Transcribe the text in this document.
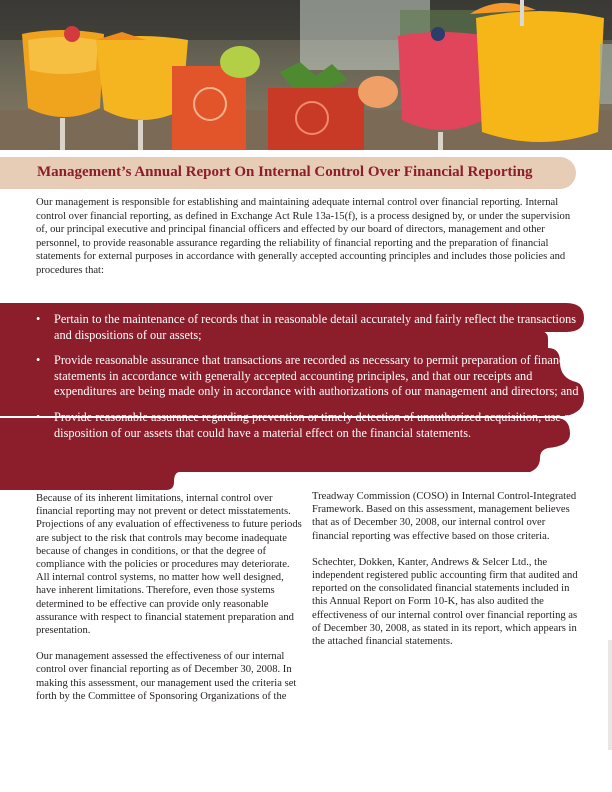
Management’s Annual Report On Internal Control Over Financial Reporting

Our management is responsible for establishing and maintaining adequate internal control over financial reporting. Internal control over financial reporting, as defined in Exchange Act Rule 13a-15(f), is a process designed by, or under the supervision of, our principal executive and principal financial officers and effected by our board of directors, management and other personnel, to provide reasonable assurance regarding the reliability of financial reporting and the preparation of financial statements for external purposes in accordance with generally accepted accounting principles and includes those policies and procedures that:

• Pertain to the maintenance of records that in reasonable detail accurately and fairly reflect the transactions and dispositions of our assets;
• Provide reasonable assurance that transactions are recorded as necessary to permit preparation of financial statements in accordance with generally accepted accounting principles, and that our receipts and expenditures are being made only in accordance with authorizations of our management and directors; and
• Provide reasonable assurance regarding prevention or timely detection of unauthorized acquisition, use or disposition of our assets that could have a material effect on the financial statements.

Because of its inherent limitations, internal control over financial reporting may not prevent or detect misstatements. Projections of any evaluation of effectiveness to future periods are subject to the risk that controls may become inadequate because of changes in conditions, or that the degree of compliance with the policies or procedures may deteriorate. All internal control systems, no matter how well designed, have inherent limitations. Therefore, even those systems determined to be effective can provide only reasonable assurance with respect to financial statement preparation and presentation.

Our management assessed the effectiveness of our internal control over financial reporting as of December 30, 2008. In making this assessment, our management used the criteria set forth by the Committee of Sponsoring Organizations of the

Treadway Commission (COSO) in Internal Control-Integrated Framework. Based on this assessment, management believes that as of December 30, 2008, our internal control over financial reporting was effective based on those criteria.

Schechter, Dokken, Kanter, Andrews & Selcer Ltd., the independent registered public accounting firm that audited and reported on the consolidated financial statements included in this Annual Report on Form 10-K, has also audited the effectiveness of our internal control over financial reporting as of December 30, 2008, as stated in its report, which appears in the attached financial statements.
